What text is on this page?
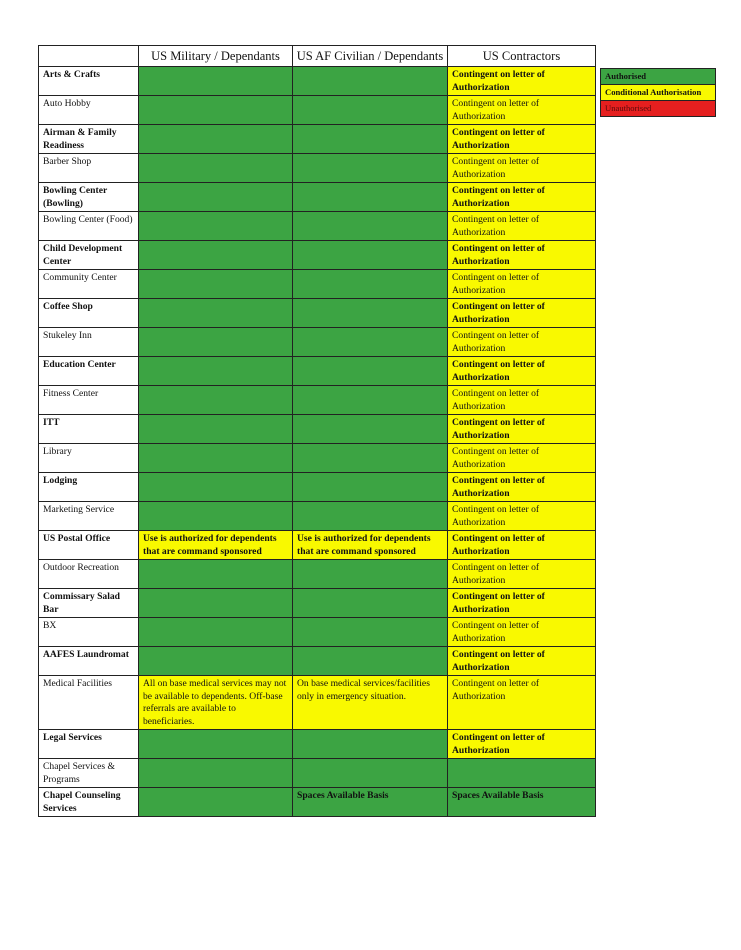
	US Military / Dependants	US AF Civilian / Dependants	US Contractors
Arts & Crafts			Contingent on letter of Authorization
Auto Hobby			Contingent on letter of Authorization
Airman & Family Readiness			Contingent on letter of Authorization
Barber Shop			Contingent on letter of Authorization
Bowling Center (Bowling)			Contingent on letter of Authorization
Bowling Center (Food)			Contingent on letter of Authorization
Child Development Center			Contingent on letter of Authorization
Community Center			Contingent on letter of Authorization
Coffee Shop			Contingent on letter of Authorization
Stukeley Inn			Contingent on letter of Authorization
Education Center			Contingent on letter of Authorization
Fitness Center			Contingent on letter of Authorization
ITT			Contingent on letter of Authorization
Library			Contingent on letter of Authorization
Lodging			Contingent on letter of Authorization
Marketing Service			Contingent on letter of Authorization
US Postal Office	Use is authorized for dependents that are command sponsored	Use is authorized for dependents that are command sponsored	Contingent on letter of Authorization
Outdoor Recreation			Contingent on letter of Authorization
Commissary Salad Bar			Contingent on letter of Authorization
BX			Contingent on letter of Authorization
AAFES Laundromat			Contingent on letter of Authorization
Medical Facilities	All on base medical services may not be available to dependents. Off-base referrals are available to beneficiaries.	On base medical services/facilities only in emergency situation.	Contingent on letter of Authorization
Legal Services			Contingent on letter of Authorization
Chapel Services & Programs			
Chapel Counseling Services		Spaces Available Basis	Spaces Available Basis
Authorised
Conditional Authorisation
Unauthorised
